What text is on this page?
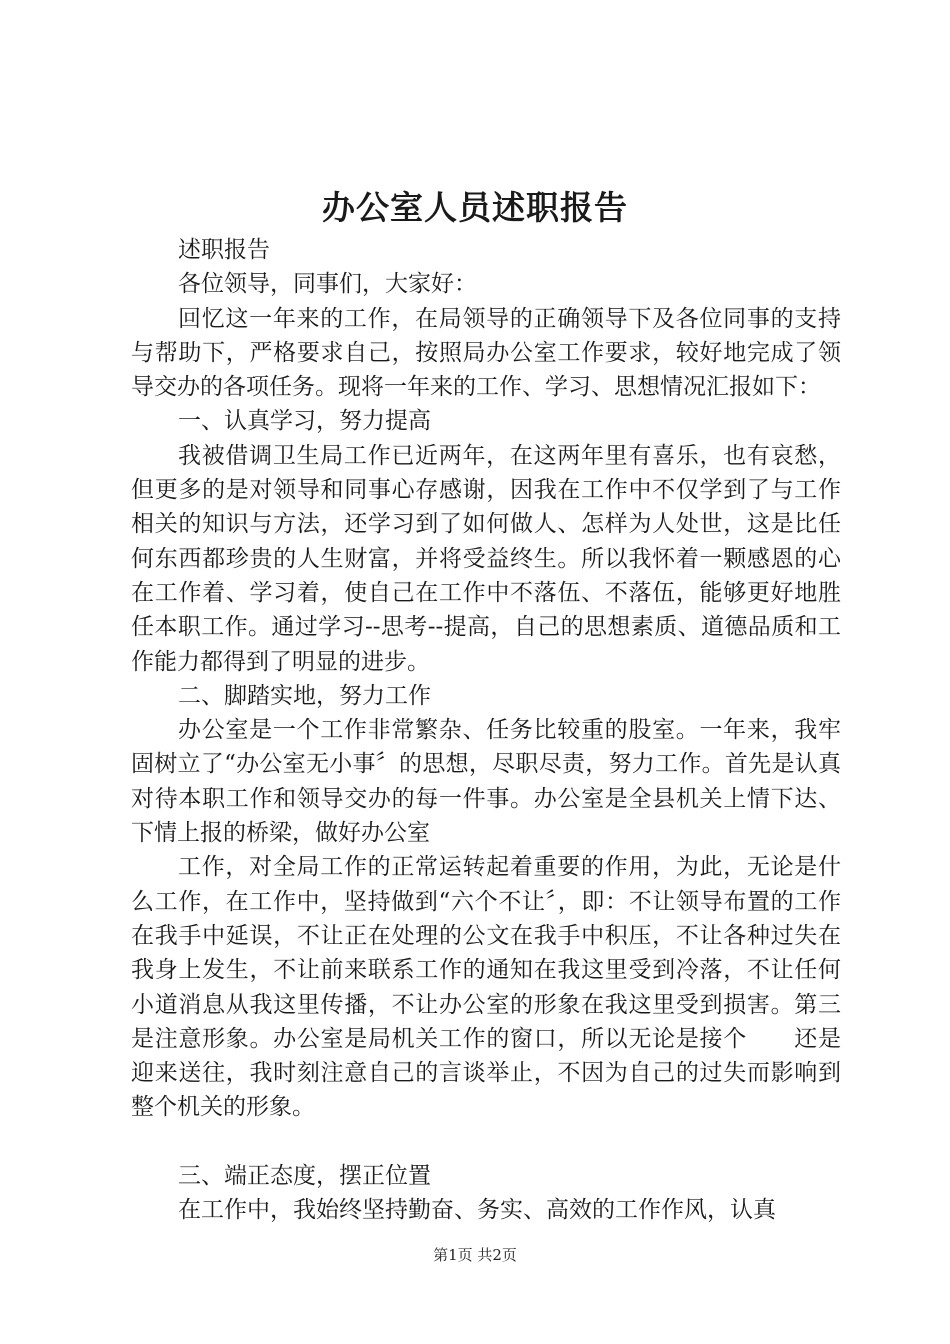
办公室人员述职报告

述职报告

各位领导，同事们，大家好：

回忆这一年来的工作，在局领导的正确领导下及各位同事的支持与帮助下，严格要求自己，按照局办公室工作要求，较好地完成了领导交办的各项任务。现将一年来的工作、学习、思想情况汇报如下：

一、认真学习，努力提高

我被借调卫生局工作已近两年，在这两年里有喜乐，也有哀愁，但更多的是对领导和同事心存感谢，因我在工作中不仅学到了与工作相关的知识与方法，还学习到了如何做人、怎样为人处世，这是比任何东西都珍贵的人生财富，并将受益终生。所以我怀着一颗感恩的心在工作着、学习着，使自己在工作中不落伍、不落伍，能够更好地胜任本职工作。通过学习--思考--提高，自己的思想素质、道德品质和工作能力都得到了明显的进步。

二、脚踏实地，努力工作

办公室是一个工作非常繁杂、任务比较重的股室。一年来，我牢固树立了“办公室无小事〞的思想，尽职尽责，努力工作。首先是认真对待本职工作和领导交办的每一件事。办公室是全县机关上情下达、下情上报的桥梁，做好办公室

工作，对全局工作的正常运转起着重要的作用，为此，无论是什么工作，在工作中，坚持做到“六个不让〞，即：不让领导布置的工作在我手中延误，不让正在处理的公文在我手中积压，不让各种过失在我身上发生，不让前来联系工作的通知在我这里受到冷落，不让任何小道消息从我这里传播，不让办公室的形象在我这里受到损害。第三是注意形象。办公室是局机关工作的窗口，所以无论是接个　　还是迎来送往，我时刻注意自己的言谈举止，不因为自己的过失而影响到整个机关的形象。

三、端正态度，摆正位置

在工作中，我始终坚持勤奋、务实、高效的工作作风，认真

第1页 共2页
